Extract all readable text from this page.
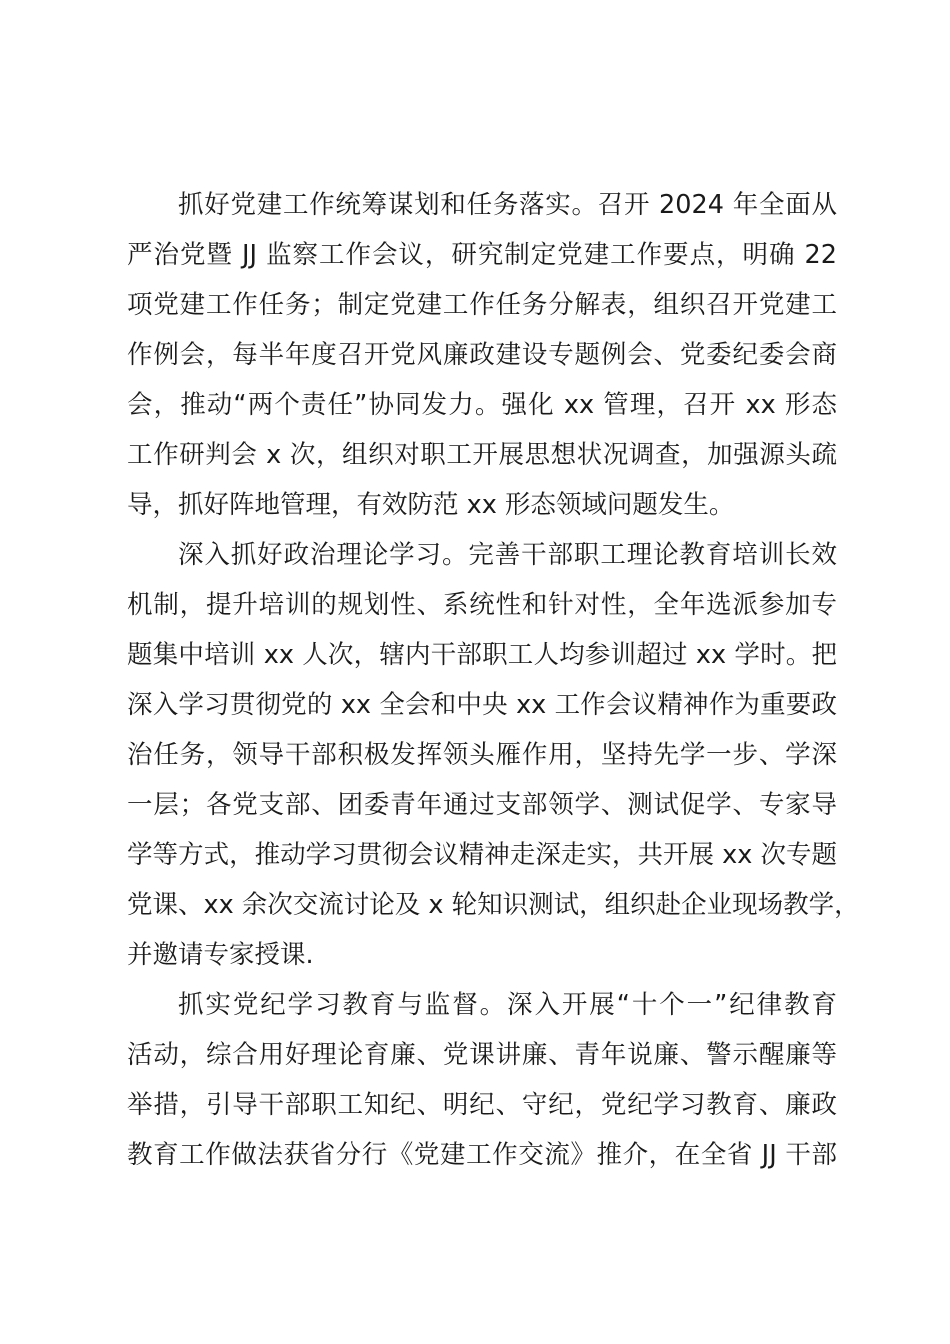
抓好党建工作统筹谋划和任务落实。召开 2024 年全面从
严治党暨 JJ 监察工作会议，研究制定党建工作要点，明确 22
项党建工作任务；制定党建工作任务分解表，组织召开党建工
作例会，每半年度召开党风廉政建设专题例会、党委纪委会商
会，推动“两个责任”协同发力。强化 xx 管理，召开 xx 形态
工作研判会 x 次，组织对职工开展思想状况调查，加强源头疏
导，抓好阵地管理，有效防范 xx 形态领域问题发生。
深入抓好政治理论学习。完善干部职工理论教育培训长效
机制，提升培训的规划性、系统性和针对性，全年选派参加专
题集中培训 xx 人次，辖内干部职工人均参训超过 xx 学时。把
深入学习贯彻党的 xx 全会和中央 xx 工作会议精神作为重要政
治任务，领导干部积极发挥领头雁作用，坚持先学一步、学深
一层；各党支部、团委青年通过支部领学、测试促学、专家导
学等方式，推动学习贯彻会议精神走深走实，共开展 xx 次专题
党课、xx 余次交流讨论及 x 轮知识测试，组织赴企业现场教学，
并邀请专家授课.
抓实党纪学习教育与监督。深入开展“十个一”纪律教育
活动，综合用好理论育廉、党课讲廉、青年说廉、警示醒廉等
举措，引导干部职工知纪、明纪、守纪，党纪学习教育、廉政
教育工作做法获省分行《党建工作交流》推介，在全省 JJ 干部
